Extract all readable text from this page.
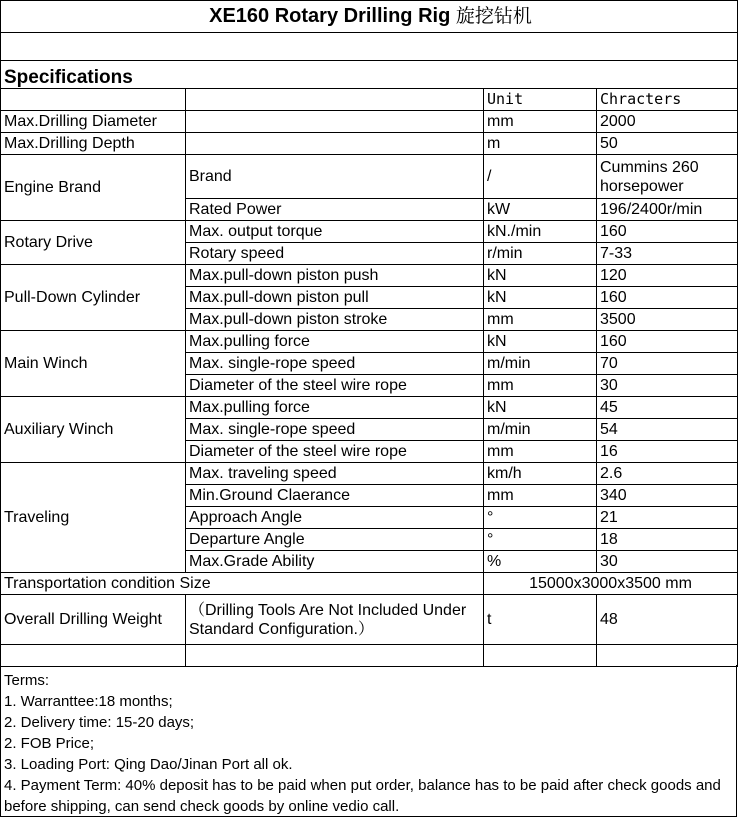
XE160 Rotary Drilling Rig 旋挖钻机			

Specifications			
		Unit	Chracters
Max.Drilling Diameter		mm	2000
Max.Drilling Depth		m	50
Engine Brand	Brand	/	Cummins 260 horsepower
	Rated Power	kW	196/2400r/min
Rotary Drive	Max. output torque	kN./min	160
	Rotary speed	r/min	7-33
Pull-Down Cylinder	Max.pull-down piston push	kN	120
	Max.pull-down piston pull	kN	160
	Max.pull-down piston stroke	mm	3500
Main Winch	Max.pulling force	kN	160
	Max. single-rope speed	m/min	70
	Diameter of the steel wire rope	mm	30
Auxiliary Winch	Max.pulling force	kN	45
	Max. single-rope speed	m/min	54
	Diameter of the steel wire rope	mm	16
Traveling	Max. traveling speed	km/h	2.6
	Min.Ground Claerance	mm	340
	Approach Angle	°	21
	Departure Angle	°	18
	Max.Grade Ability	%	30
Transportation condition Size		15000x3000x3500 mm	
Overall Drilling Weight	（Drilling Tools Are Not Included Under Standard Configuration.）	t	48

Terms:
1. Warranttee:18 months;
2. Delivery time: 15-20 days;
2. FOB Price;
3. Loading Port: Qing Dao/Jinan Port all ok.
4. Payment Term: 40% deposit has to be paid when put order, balance has to be paid after check goods and before shipping, can send check goods by online vedio call.
